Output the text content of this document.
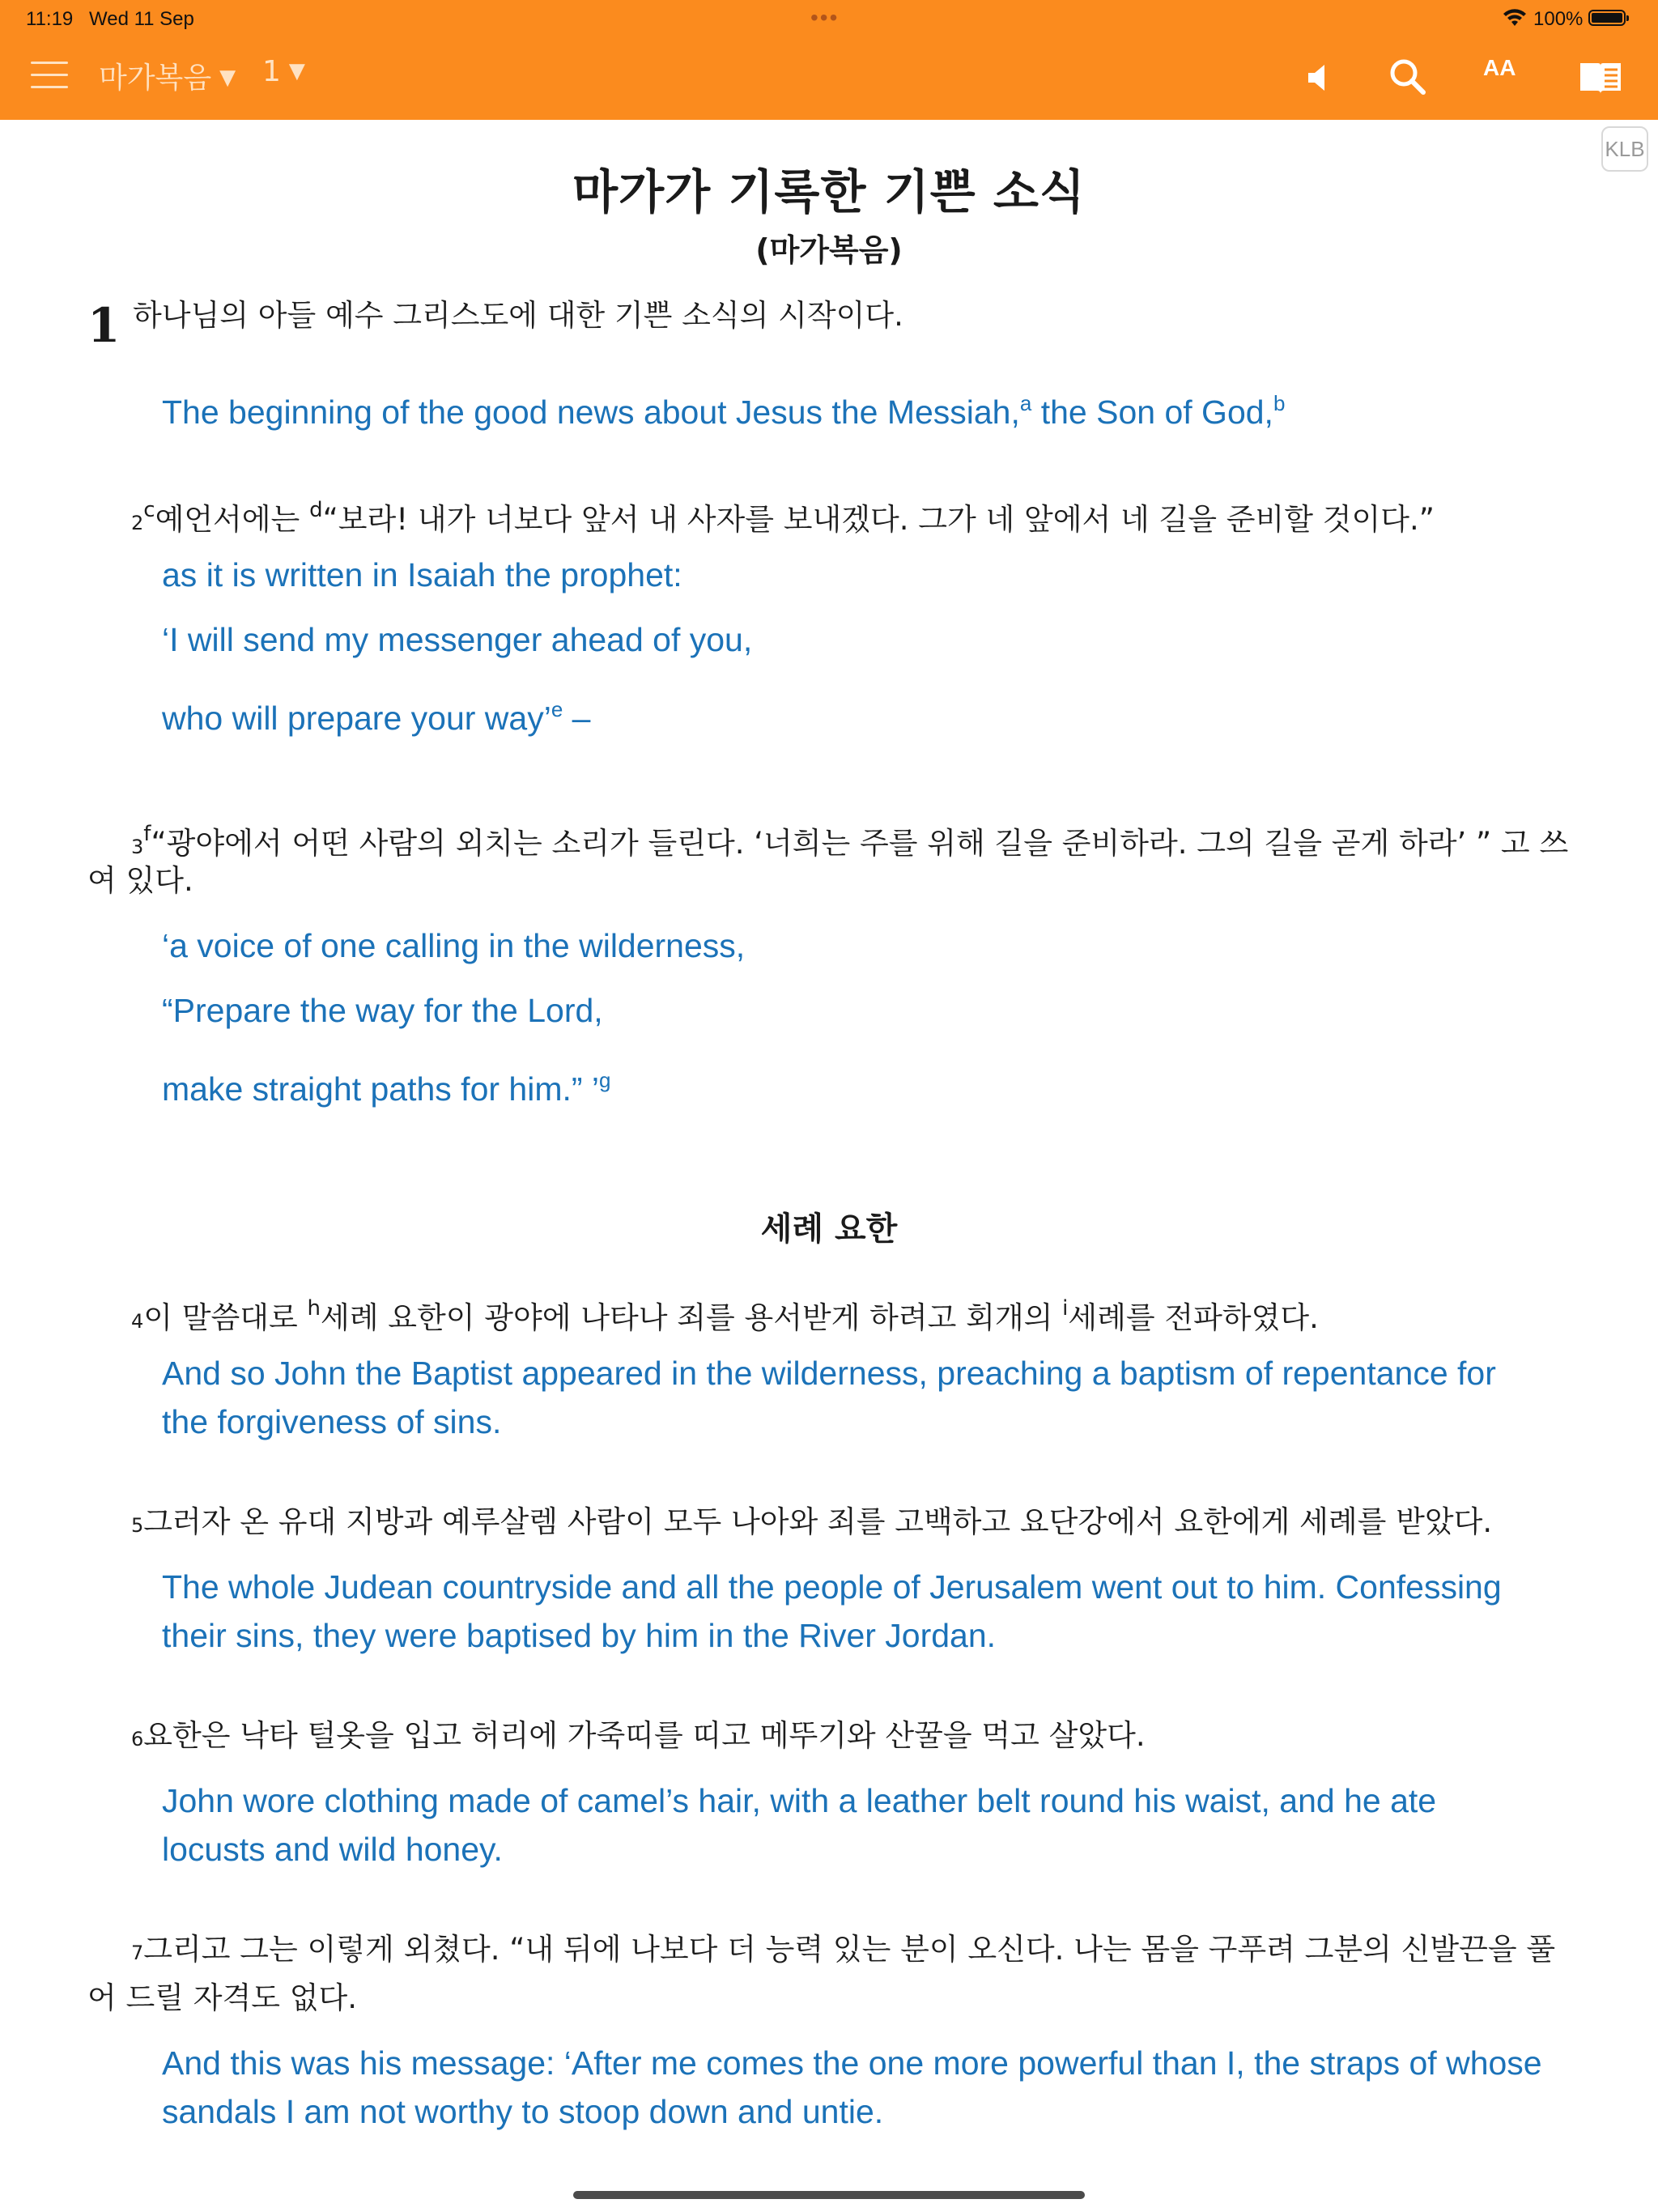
11:19 Wed 11 Sep	•••	100%
마가복음 ▼ 1 ▼	AA
KLB
마가가 기록한 기쁜 소식
(마가복음)
1 하나님의 아들 예수 그리스도에 대한 기쁜 소식의 시작이다.
The beginning of the good news about Jesus the Messiah,$^a$ the Son of God,$^b$
2$^c$예언서에는 $^d$“보라! 내가 너보다 앞서 내 사자를 보내겠다. 그가 네 앞에서 네 길을 준비할 것이다.”
as it is written in Isaiah the prophet:
‘I will send my messenger ahead of you,
who will prepare your way’$^e$ –
3$^f$“광야에서 어떤 사람의 외치는 소리가 들린다. ‘너희는 주를 위해 길을 준비하라. 그의 길을 곧게 하라’ ” 고 쓰
여 있다.
‘a voice of one calling in the wilderness,
“Prepare the way for the Lord,
make straight paths for him.” ’$^g$
세례 요한
4이 말씀대로 $^h$세례 요한이 광야에 나타나 죄를 용서받게 하려고 회개의 $^i$세례를 전파하였다.
And so John the Baptist appeared in the wilderness, preaching a baptism of repentance for
the forgiveness of sins.
5그러자 온 유대 지방과 예루살렘 사람이 모두 나아와 죄를 고백하고 요단강에서 요한에게 세례를 받았다.
The whole Judean countryside and all the people of Jerusalem went out to him. Confessing
their sins, they were baptised by him in the River Jordan.
6요한은 낙타 털옷을 입고 허리에 가죽띠를 띠고 메뚜기와 산꿀을 먹고 살았다.
John wore clothing made of camel’s hair, with a leather belt round his waist, and he ate
locusts and wild honey.
7그리고 그는 이렇게 외쳤다. “내 뒤에 나보다 더 능력 있는 분이 오신다. 나는 몸을 구푸려 그분의 신발끈을 풀
어 드릴 자격도 없다.
And this was his message: ‘After me comes the one more powerful than I, the straps of whose
sandals I am not worthy to stoop down and untie.
